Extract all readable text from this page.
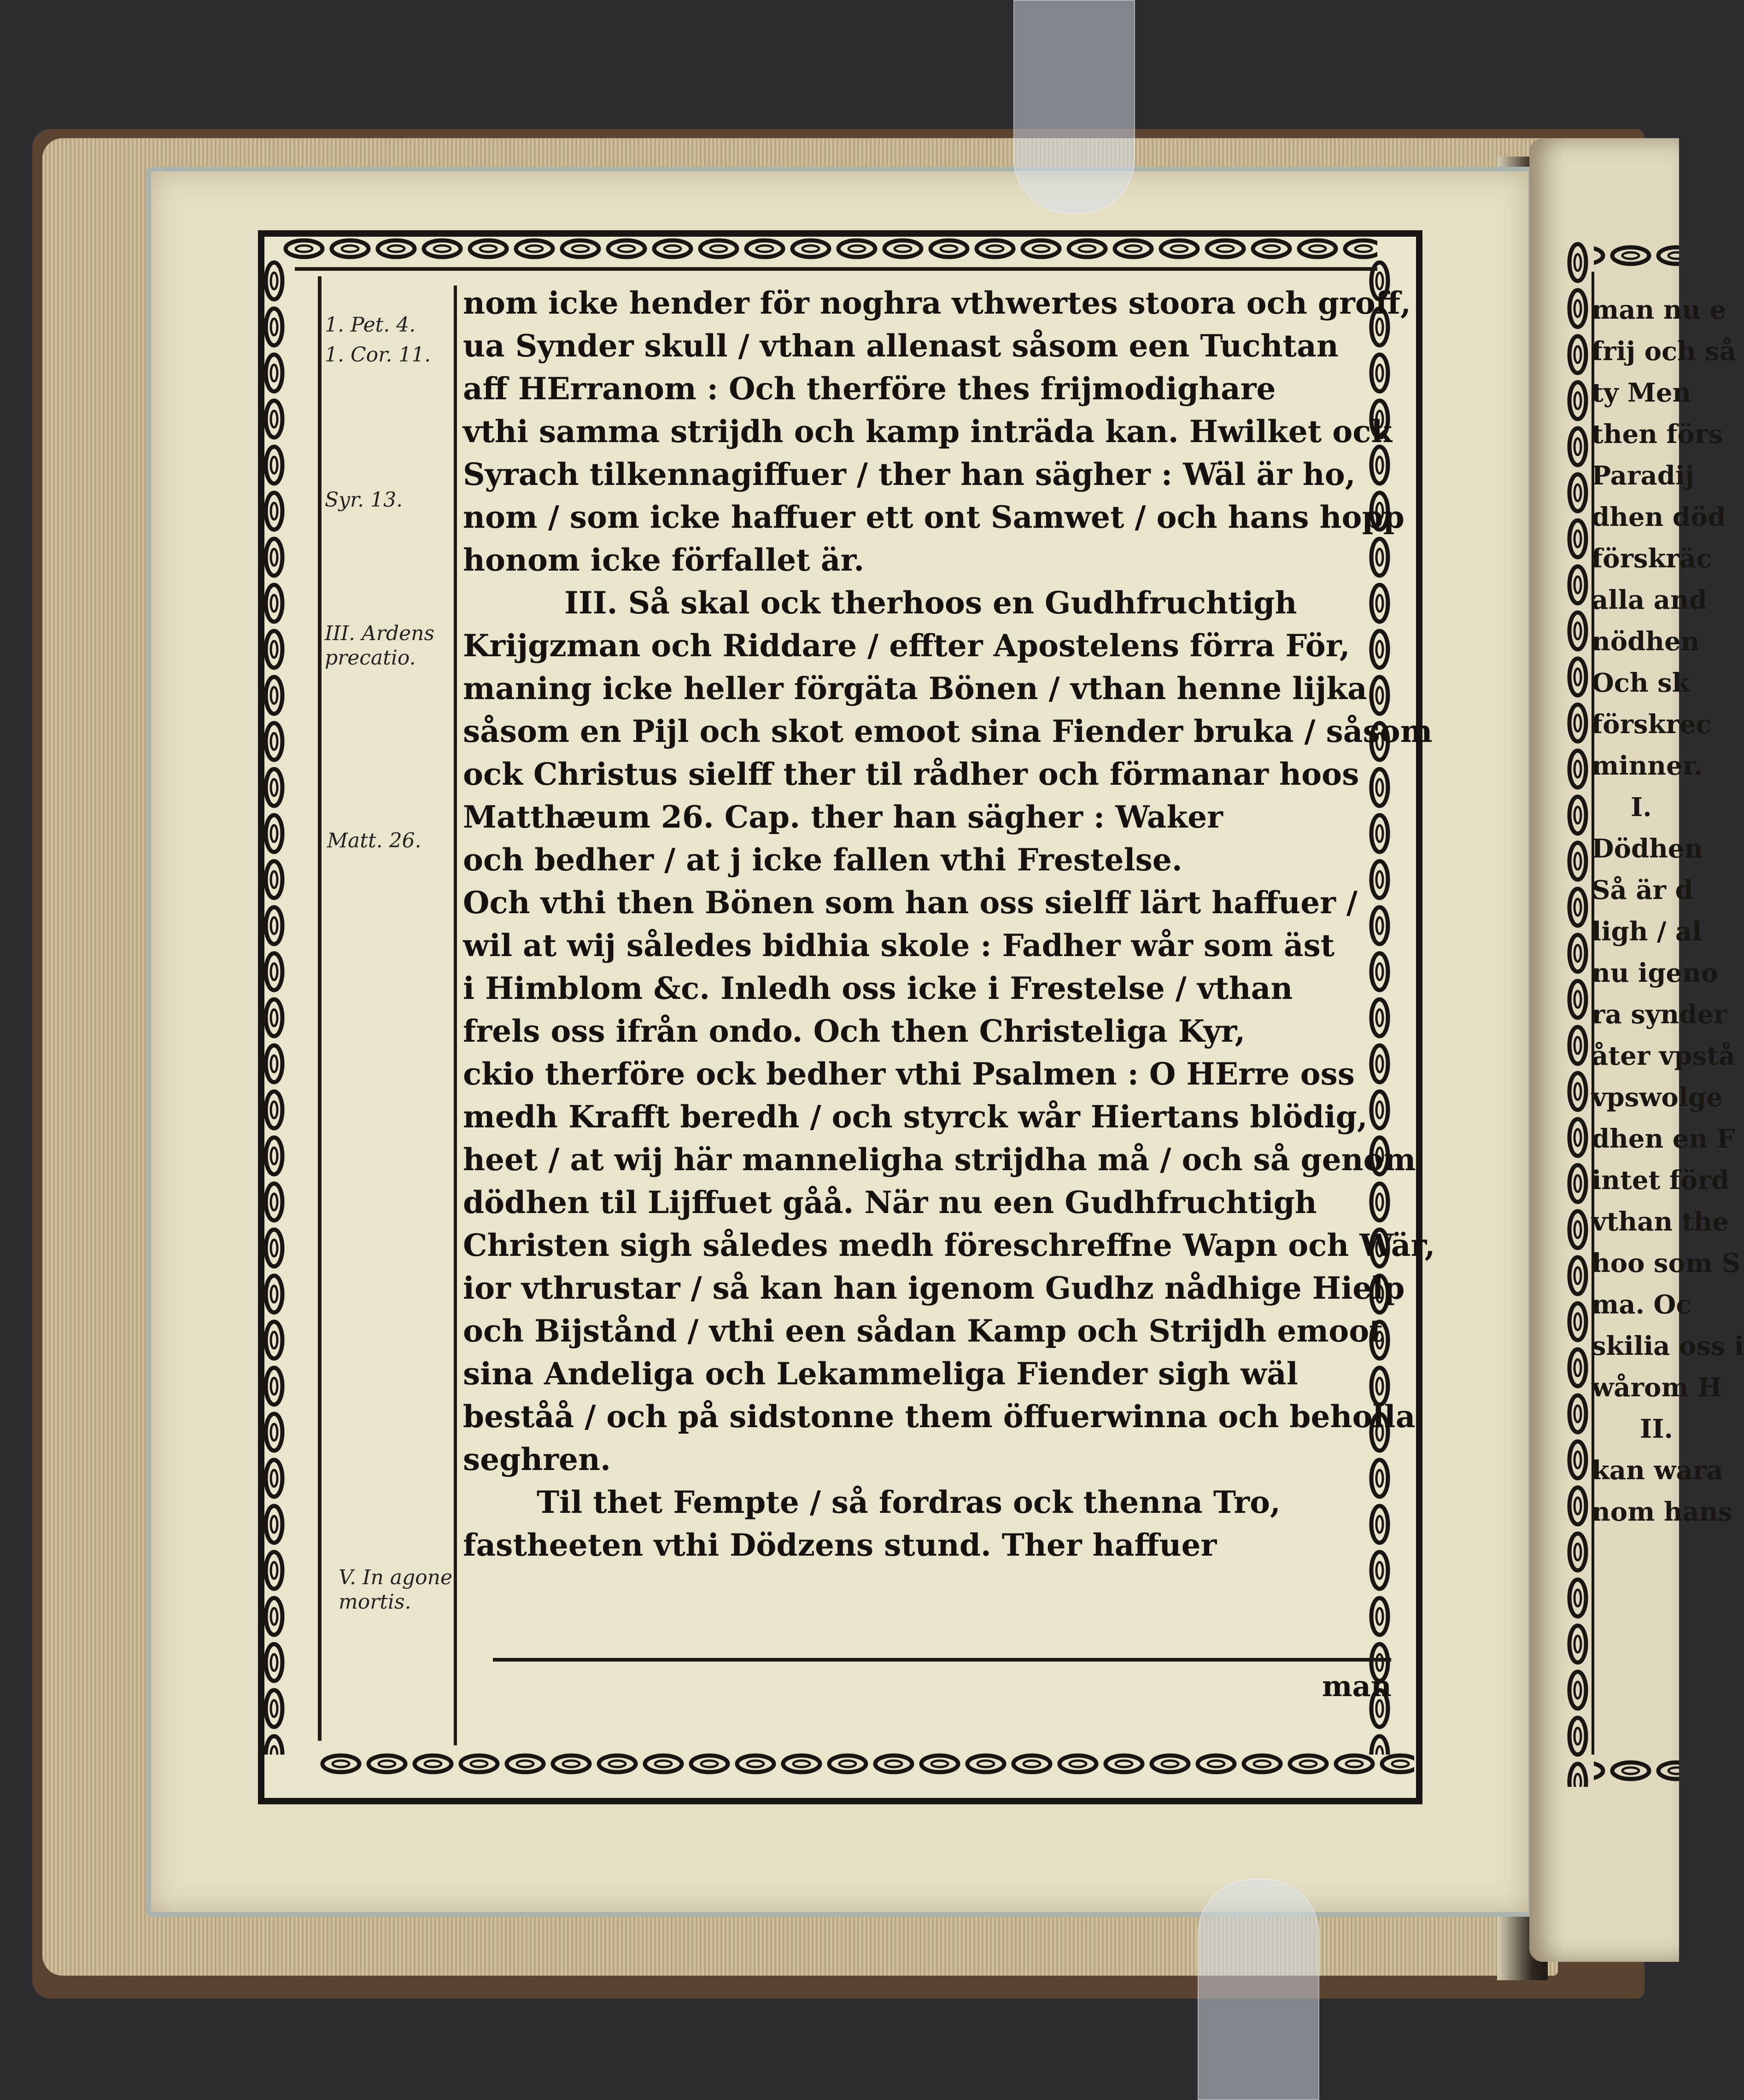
1. Pet. 4.
1. Cor. 11.
Syr. 13.
III. Ardens precatio.
Matt. 26.
V. In agone mortis.
nom icke hender för noghra vthwertes stoora och groff,
ua Synder skull / vthan allenast såsom een Tuchtan
aff HErranom : Och therföre thes frijmodighare
vthi samma strijdh och kamp inträda kan. Hwilket ock
Syrach tilkennagiffuer / ther han sägher : Wäl är ho,
nom / som icke haffuer ett ont Samwet / och hans hopp
honom icke förfallet är.
III. Så skal ock therhoos en Gudhfruchtigh
Krijgzman och Riddare / effter Apostelens förra För,
maning icke heller förgäta Bönen / vthan henne lijka
såsom en Pijl och skot emoot sina Fiender bruka / såsom
ock Christus sielff ther til rådher och förmanar hoos
Matthæum 26. Cap. ther han sägher : Waker
och bedher / at j icke fallen vthi Frestelse.
Och vthi then Bönen som han oss sielff lärt haffuer /
wil at wij således bidhia skole : Fadher wår som äst
i Himblom &c. Inledh oss icke i Frestelse / vthan
frels oss ifrån ondo. Och then Christeliga Kyr,
ckio therföre ock bedher vthi Psalmen : O HErre oss
medh Krafft beredh / och styrck wår Hiertans blödig,
heet / at wij här manneligha strijdha må / och så genom
dödhen til Lijffuet gåå. När nu een Gudhfruchtigh
Christen sigh således medh föreschreffne Wapn och Wär,
ior vthrustar / så kan han igenom Gudhz nådhige Hielp
och Bijstånd / vthi een sådan Kamp och Strijdh emoot
sina Andeliga och Lekammeliga Fiender sigh wäl
beståå / och på sidstonne them öffuerwinna och beholla
seghren.
Til thet Fempte / så fordras ock thenna Tro,
fastheeten vthi Dödzens stund. Ther haffuer
man
man nu e
frij och så
ty Men
then förs
Paradij
dhen död
förskräc
alla and
nödhen
Och sk
förskrec
minner.
I.
Dödhen
Så är d
ligh / al
nu igeno
ra synder
åter vpstå
vpswolge
dhen en F
intet förd
vthan the
hoo som S
ma. Oc
skilia oss i
wårom H
II.
kan wara
nom hans
